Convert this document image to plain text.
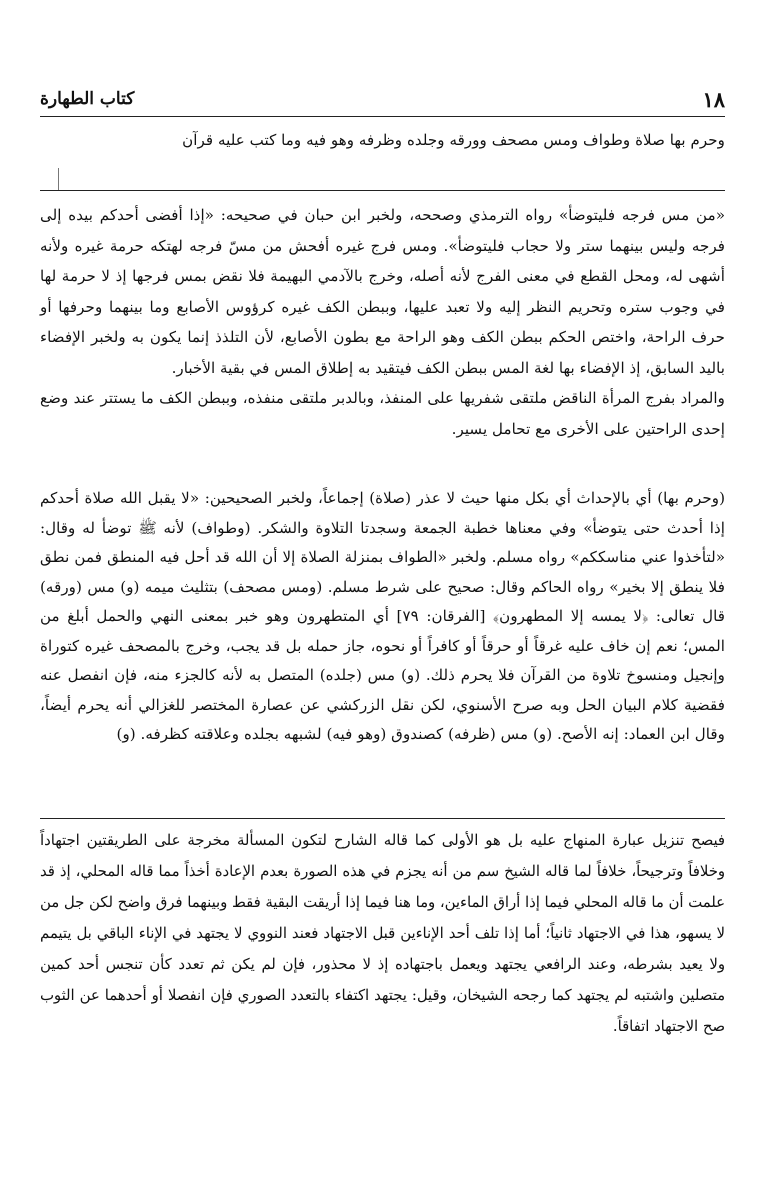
١٨
كتاب الطهارة

وحرم بها صلاة وطواف ومس مصحف وورقه وجلده وظرفه وهو فيه وما كتب عليه قرآن

«من مس فرجه فليتوضأ» رواه الترمذي وصححه، ولخبر ابن حبان في صحيحه: «إذا أفضى أحدكم بيده إلى فرجه وليس بينهما ستر ولا حجاب فليتوضأ». ومس فرج غيره أفحش من مسّ فرجه لهتكه حرمة غيره ولأنه أشهى له، ومحل القطع في معنى الفرج لأنه أصله، وخرج بالآدمي البهيمة فلا نقض بمس فرجها إذ لا حرمة لها في وجوب ستره وتحريم النظر إليه ولا تعبد عليها، وببطن الكف غيره كرؤوس الأصابع وما بينهما وحرفها أو حرف الراحة، واختص الحكم ببطن الكف وهو الراحة مع بطون الأصابع، لأن التلذذ إنما يكون به ولخبر الإفضاء باليد السابق، إذ الإفضاء بها لغة المس ببطن الكف فيتقيد به إطلاق المس في بقية الأخبار.

والمراد بفرج المرأة الناقض ملتقى شفريها على المنفذ، وبالدبر ملتقى منفذه، وببطن الكف ما يستتر عند وضع إحدى الراحتين على الأخرى مع تحامل يسير.

(وحرم بها) أي بالإحداث أي بكل منها حيث لا عذر (صلاة) إجماعاً، ولخبر الصحيحين: «لا يقبل الله صلاة أحدكم إذا أحدث حتى يتوضأ» وفي معناها خطبة الجمعة وسجدتا التلاوة والشكر. (وطواف) لأنه ﷺ توضأ له وقال: «لتأخذوا عني مناسككم» رواه مسلم. ولخبر «الطواف بمنزلة الصلاة إلا أن الله قد أحل فيه المنطق فمن نطق فلا ينطق إلا بخير» رواه الحاكم وقال: صحيح على شرط مسلم. (ومس مصحف) بتثليث ميمه (و) مس (ورقه) قال تعالى: ﴿لا يمسه إلا المطهرون﴾ [الفرقان: ٧٩] أي المتطهرون وهو خبر بمعنى النهي والحمل أبلغ من المس؛ نعم إن خاف عليه غرقاً أو حرقاً أو كافراً أو نحوه، جاز حمله بل قد يجب، وخرج بالمصحف غيره كتوراة وإنجيل ومنسوخ تلاوة من القرآن فلا يحرم ذلك. (و) مس (جلده) المتصل به لأنه كالجزء منه، فإن انفصل عنه فقضية كلام البيان الحل وبه صرح الأسنوي، لكن نقل الزركشي عن عصارة المختصر للغزالي أنه يحرم أيضاً، وقال ابن العماد: إنه الأصح. (و) مس (ظرفه) كصندوق (وهو فيه) لشبهه بجلده وعلاقته كظرفه. (و)

فيصح تنزيل عبارة المنهاج عليه بل هو الأولى كما قاله الشارح لتكون المسألة مخرجة على الطريقتين اجتهاداً وخلافاً وترجيحاً، خلافاً لما قاله الشيخ سم من أنه يجزم في هذه الصورة بعدم الإعادة أخذاً مما قاله المحلي، إذ قد علمت أن ما قاله المحلي فيما إذا أراق الماءين، وما هنا فيما إذا أريقت البقية فقط وبينهما فرق واضح لكن جل من لا يسهو، هذا في الاجتهاد ثانياً؛ أما إذا تلف أحد الإناءين قبل الاجتهاد فعند النووي لا يجتهد في الإناء الباقي بل يتيمم ولا يعيد بشرطه، وعند الرافعي يجتهد ويعمل باجتهاده إذ لا محذور، فإن لم يكن ثم تعدد كأن تنجس أحد كمين متصلين واشتبه لم يجتهد كما رجحه الشيخان، وقيل: يجتهد اكتفاء بالتعدد الصوري فإن انفصلا أو أحدهما عن الثوب صح الاجتهاد اتفاقاً.
